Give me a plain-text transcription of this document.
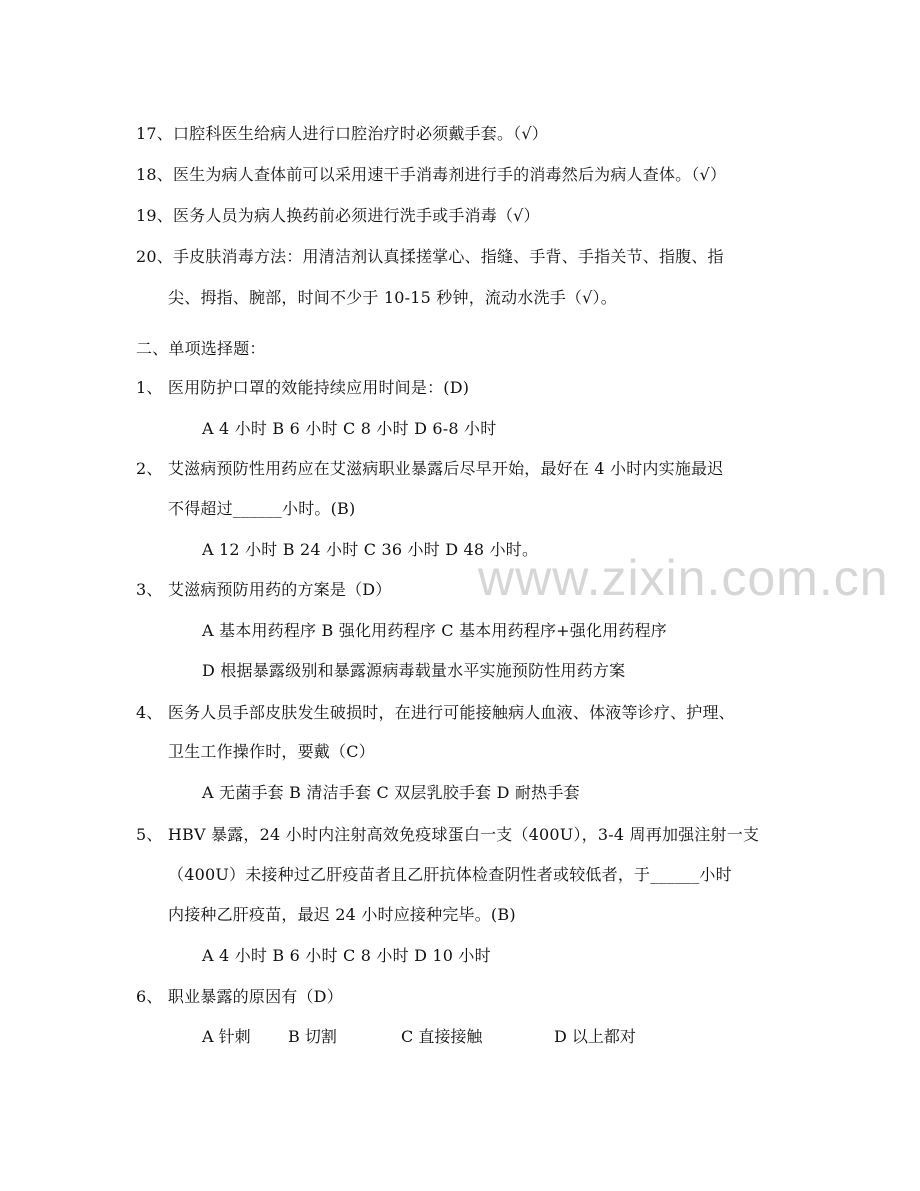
www.zixin.com.cn
17、口腔科医生给病人进行口腔治疗时必须戴手套。（√）
18、医生为病人查体前可以采用速干手消毒剂进行手的消毒然后为病人查体。（√）
19、医务人员为病人换药前必须进行洗手或手消毒（√）
20、手皮肤消毒方法：用清洁剂认真揉搓掌心、指缝、手背、手指关节、指腹、指
尖、拇指、腕部，时间不少于 10-15 秒钟，流动水洗手（√）。
二、单项选择题：
1、 医用防护口罩的效能持续应用时间是：(D)
A 4 小时 B 6 小时 C 8 小时 D 6-8 小时
2、 艾滋病预防性用药应在艾滋病职业暴露后尽早开始，最好在 4 小时内实施最迟
不得超过______小时。(B)
A 12 小时 B 24 小时 C 36 小时 D 48 小时。
3、 艾滋病预防用药的方案是（D）
A 基本用药程序 B 强化用药程序 C 基本用药程序+强化用药程序
D 根据暴露级别和暴露源病毒载量水平实施预防性用药方案
4、 医务人员手部皮肤发生破损时，在进行可能接触病人血液、体液等诊疗、护理、
卫生工作操作时，要戴（C）
A 无菌手套 B 清洁手套 C 双层乳胶手套 D 耐热手套
5、 HBV 暴露，24 小时内注射高效免疫球蛋白一支（400U），3-4 周再加强注射一支
（400U）未接种过乙肝疫苗者且乙肝抗体检查阴性者或较低者，于______小时
内接种乙肝疫苗，最迟 24 小时应接种完毕。(B)
A 4 小时 B 6 小时 C 8 小时 D 10 小时
6、 职业暴露的原因有（D）
A 针刺 B 切割	C 直接接触	D 以上都对
